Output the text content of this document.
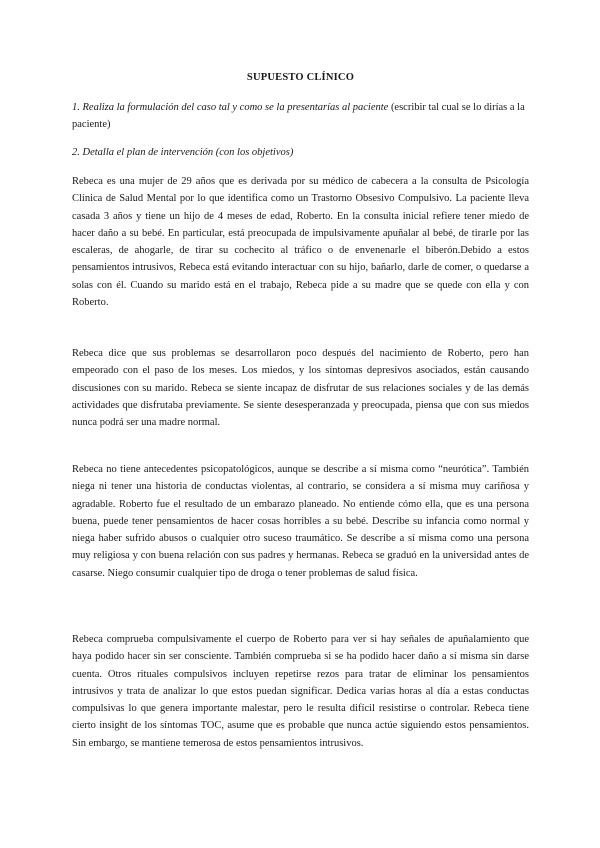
SUPUESTO CLÍNICO

1. Realiza la formulación del caso tal y como se la presentarías al paciente (escribir tal cual se lo dirías a la paciente)

2. Detalla el plan de intervención (con los objetivos)

Rebeca es una mujer de 29 años que es derivada por su médico de cabecera a la consulta de Psicología Clínica de Salud Mental por lo que identifica como un Trastorno Obsesivo Compulsivo. La paciente lleva casada 3 años y tiene un hijo de 4 meses de edad, Roberto. En la consulta inicial refiere tener miedo de hacer daño a su bebé. En particular, está preocupada de impulsivamente apuñalar al bebé, de tirarle por las escaleras, de ahogarle, de tirar su cochecito al tráfico o de envenenarle el biberón.Debido a estos pensamientos intrusivos, Rebeca está evitando interactuar con su hijo, bañarlo, darle de comer, o quedarse a solas con él. Cuando su marido está en el trabajo, Rebeca pide a su madre que se quede con ella y con Roberto.

Rebeca dice que sus problemas se desarrollaron poco después del nacimiento de Roberto, pero han empeorado con el paso de los meses. Los miedos, y los síntomas depresivos asociados, están causando discusiones con su marido. Rebeca se siente incapaz de disfrutar de sus relaciones sociales y de las demás actividades que disfrutaba previamente. Se siente desesperanzada y preocupada, piensa que con sus miedos nunca podrá ser una madre normal.

Rebeca no tiene antecedentes psicopatológicos, aunque se describe a sí misma como “neurótica”. También niega ni tener una historia de conductas violentas, al contrario, se considera a sí misma muy cariñosa y agradable. Roberto fue el resultado de un embarazo planeado. No entiende cómo ella, que es una persona buena, puede tener pensamientos de hacer cosas horribles a su bebé. Describe su infancia como normal y niega haber sufrido abusos o cualquier otro suceso traumático. Se describe a sí misma como una persona muy religiosa y con buena relación con sus padres y hermanas. Rebeca se graduó en la universidad antes de casarse. Niego consumir cualquier tipo de droga o tener problemas de salud física.

Rebeca comprueba compulsivamente el cuerpo de Roberto para ver si hay señales de apuñalamiento que haya podido hacer sin ser consciente. También comprueba si se ha podido hacer daño a sí misma sin darse cuenta. Otros rituales compulsivos incluyen repetirse rezos para tratar de eliminar los pensamientos intrusivos y trata de analizar lo que estos puedan significar. Dedica varias horas al día a estas conductas compulsivas lo que genera importante malestar, pero le resulta difícil resistirse o controlar. Rebeca tiene cierto insight de los síntomas TOC, asume que es probable que nunca actúe siguiendo estos pensamientos. Sin embargo, se mantiene temerosa de estos pensamientos intrusivos.
